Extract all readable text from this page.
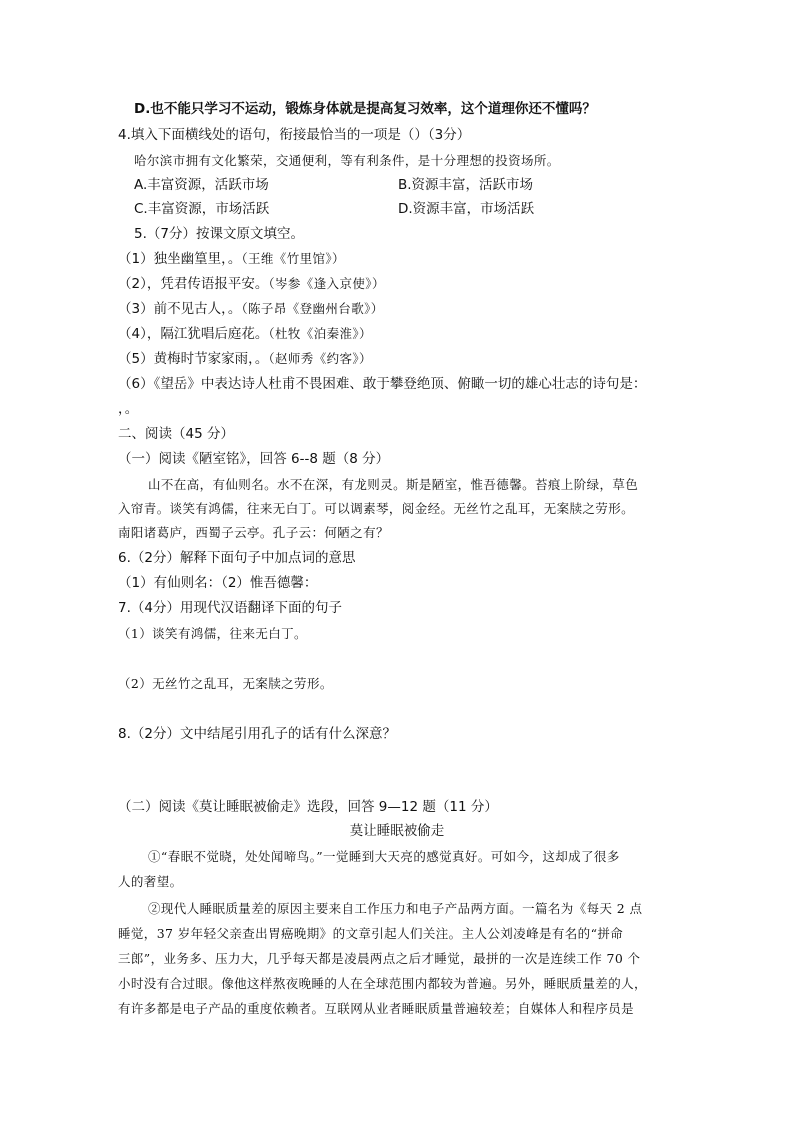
D.也不能只学习不运动，锻炼身体就是提高复习效率，这个道理你还不懂吗？
4.填入下面横线处的语句，衔接最恰当的一项是（）（3分）
哈尔滨市拥有文化繁荣，交通便利，等有利条件，是十分理想的投资场所。
A.丰富资源，活跃市场	B.资源丰富，活跃市场
C.丰富资源，市场活跃	D.资源丰富，市场活跃
5.（7分）按课文原文填空。
（1）独坐幽篁里，。（王维《竹里馆》）
（2），凭君传语报平安。（岑参《逢入京使》）
（3）前不见古人，。（陈子昂《登幽州台歌》）
（4），隔江犹唱后庭花。（杜牧《泊秦淮》）
（5）黄梅时节家家雨，。（赵师秀《约客》）
（6）《望岳》中表达诗人杜甫不畏困难、敢于攀登绝顶、俯瞰一切的雄心壮志的诗句是：
，。
二、阅读（45 分）
（一）阅读《陋室铭》，回答 6--8 题（8 分）
山不在高，有仙则名。水不在深，有龙则灵。斯是陋室，惟吾德馨。苔痕上阶绿，草色
入帘青。谈笑有鸿儒，往来无白丁。可以调素琴，阅金经。无丝竹之乱耳，无案牍之劳形。
南阳诸葛庐，西蜀子云亭。孔子云：何陋之有？
6.（2分）解释下面句子中加点词的意思
（1）有仙则名：（2）惟吾德馨：
7.（4分）用现代汉语翻译下面的句子
（1）谈笑有鸿儒，往来无白丁。
（2）无丝竹之乱耳，无案牍之劳形。
8.（2分）文中结尾引用孔子的话有什么深意？
（二）阅读《莫让睡眠被偷走》选段，回答 9—12 题（11 分）
莫让睡眠被偷走
①“春眠不觉晓，处处闻啼鸟。”一觉睡到大天亮的感觉真好。可如今，这却成了很多
人的奢望。
②现代人睡眠质量差的原因主要来自工作压力和电子产品两方面。一篇名为《每天 2 点
睡觉，37 岁年轻父亲查出胃癌晚期》的文章引起人们关注。主人公刘凌峰是有名的“拼命
三郎”，业务多、压力大，几乎每天都是凌晨两点之后才睡觉，最拼的一次是连续工作 70 个
小时没有合过眼。像他这样熬夜晚睡的人在全球范围内都较为普遍。另外，睡眠质量差的人，
有许多都是电子产品的重度依赖者。互联网从业者睡眠质量普遍较差；自媒体人和程序员是
